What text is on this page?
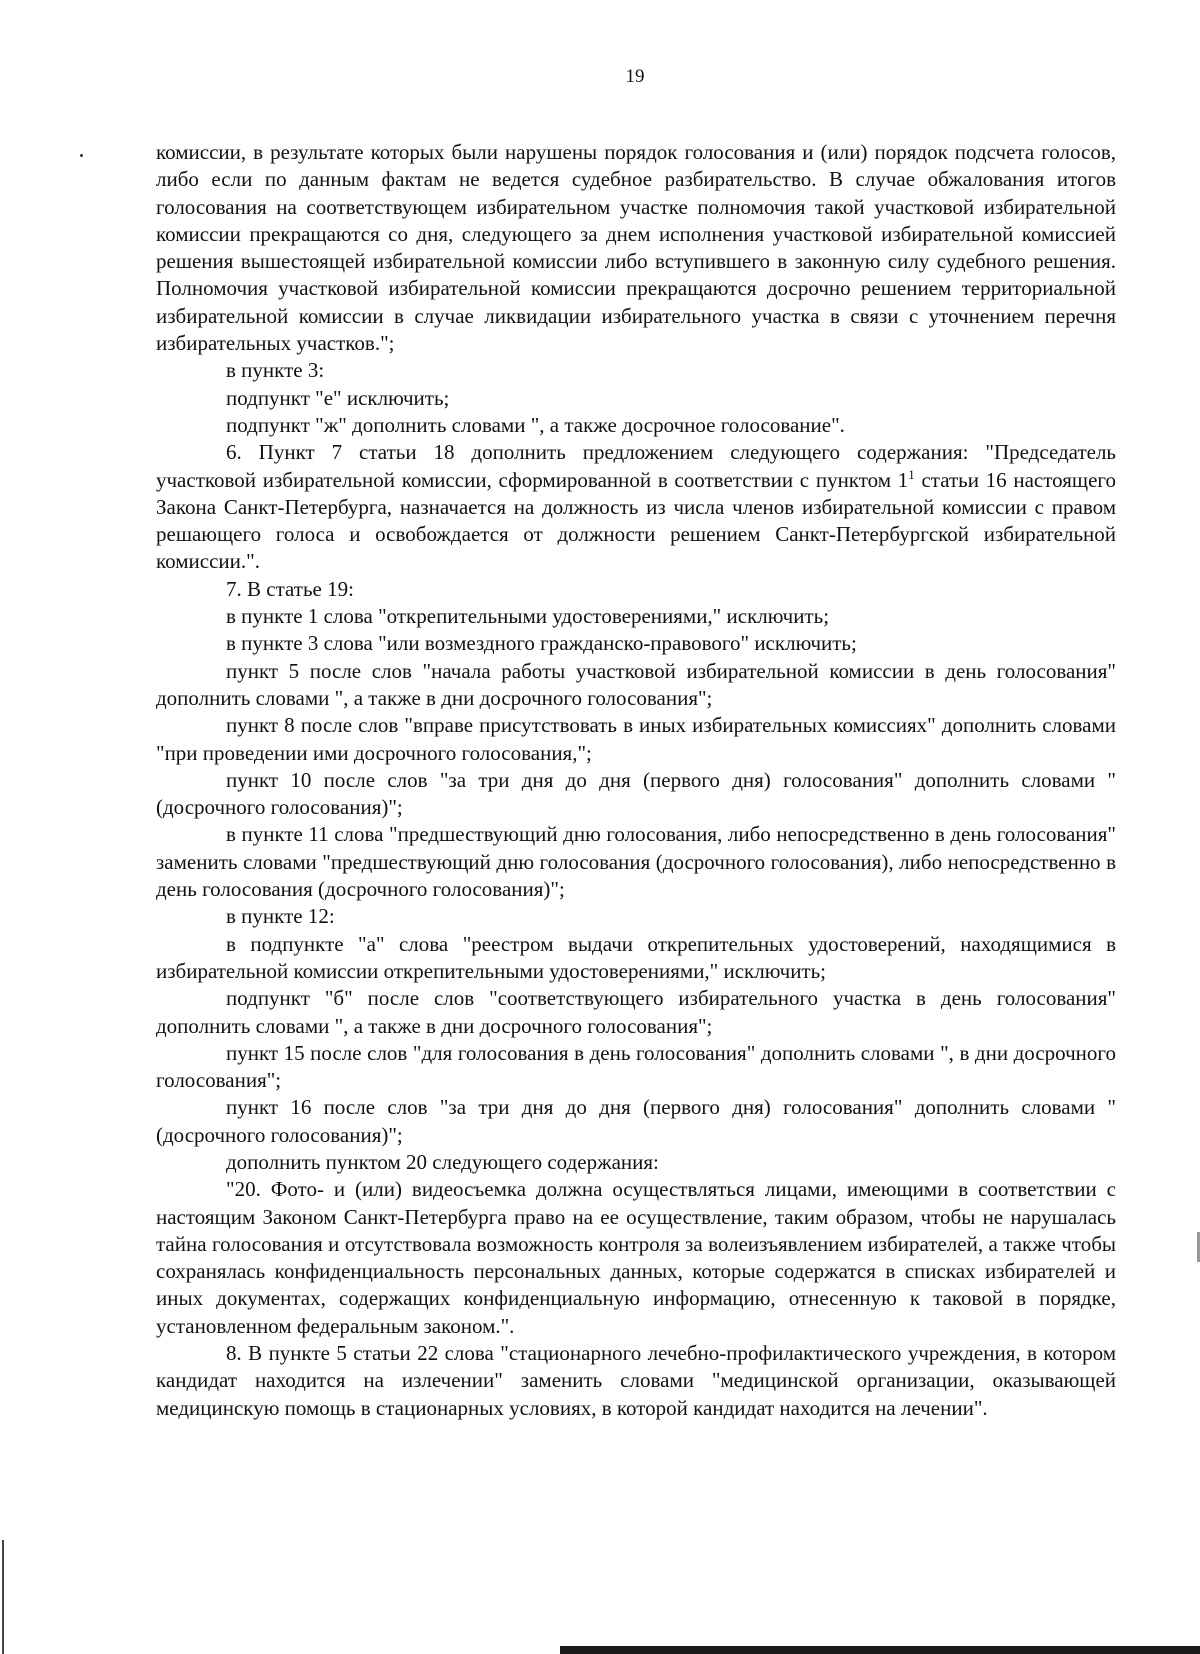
19

комиссии, в результате которых были нарушены порядок голосования и (или) порядок подсчета голосов, либо если по данным фактам не ведется судебное разбирательство. В случае обжалования итогов голосования на соответствующем избирательном участке полномочия такой участковой избирательной комиссии прекращаются со дня, следующего за днем исполнения участковой избирательной комиссией решения вышестоящей избирательной комиссии либо вступившего в законную силу судебного решения. Полномочия участковой избирательной комиссии прекращаются досрочно решением территориальной избирательной комиссии в случае ликвидации избирательного участка в связи с уточнением перечня избирательных участков.";

в пункте 3:

подпункт "е" исключить;

подпункт "ж" дополнить словами ", а также досрочное голосование".

6. Пункт 7 статьи 18 дополнить предложением следующего содержания: "Председатель участковой избирательной комиссии, сформированной в соответствии с пунктом $1^1$ статьи 16 настоящего Закона Санкт-Петербурга, назначается на должность из числа членов избирательной комиссии с правом решающего голоса и освобождается от должности решением Санкт-Петербургской избирательной комиссии.".

7. В статье 19:

в пункте 1 слова "открепительными удостоверениями," исключить;

в пункте 3 слова "или возмездного гражданско-правового" исключить;

пункт 5 после слов "начала работы участковой избирательной комиссии в день голосования" дополнить словами ", а также в дни досрочного голосования";

пункт 8 после слов "вправе присутствовать в иных избирательных комиссиях" дополнить словами "при проведении ими досрочного голосования,";

пункт 10 после слов "за три дня до дня (первого дня) голосования" дополнить словами "(досрочного голосования)";

в пункте 11 слова "предшествующий дню голосования, либо непосредственно в день голосования" заменить словами "предшествующий дню голосования (досрочного голосования), либо непосредственно в день голосования (досрочного голосования)";

в пункте 12:

в подпункте "а" слова "реестром выдачи открепительных удостоверений, находящимися в избирательной комиссии открепительными удостоверениями," исключить;

подпункт "б" после слов "соответствующего избирательного участка в день голосования" дополнить словами ", а также в дни досрочного голосования";

пункт 15 после слов "для голосования в день голосования" дополнить словами ", в дни досрочного голосования";

пункт 16 после слов "за три дня до дня (первого дня) голосования" дополнить словами "(досрочного голосования)";

дополнить пунктом 20 следующего содержания:

"20. Фото- и (или) видеосъемка должна осуществляться лицами, имеющими в соответствии с настоящим Законом Санкт-Петербурга право на ее осуществление, таким образом, чтобы не нарушалась тайна голосования и отсутствовала возможность контроля за волеизъявлением избирателей, а также чтобы сохранялась конфиденциальность персональных данных, которые содержатся в списках избирателей и иных документах, содержащих конфиденциальную информацию, отнесенную к таковой в порядке, установленном федеральным законом.".

8. В пункте 5 статьи 22 слова "стационарного лечебно-профилактического учреждения, в котором кандидат находится на излечении" заменить словами "медицинской организации, оказывающей медицинскую помощь в стационарных условиях, в которой кандидат находится на лечении".
